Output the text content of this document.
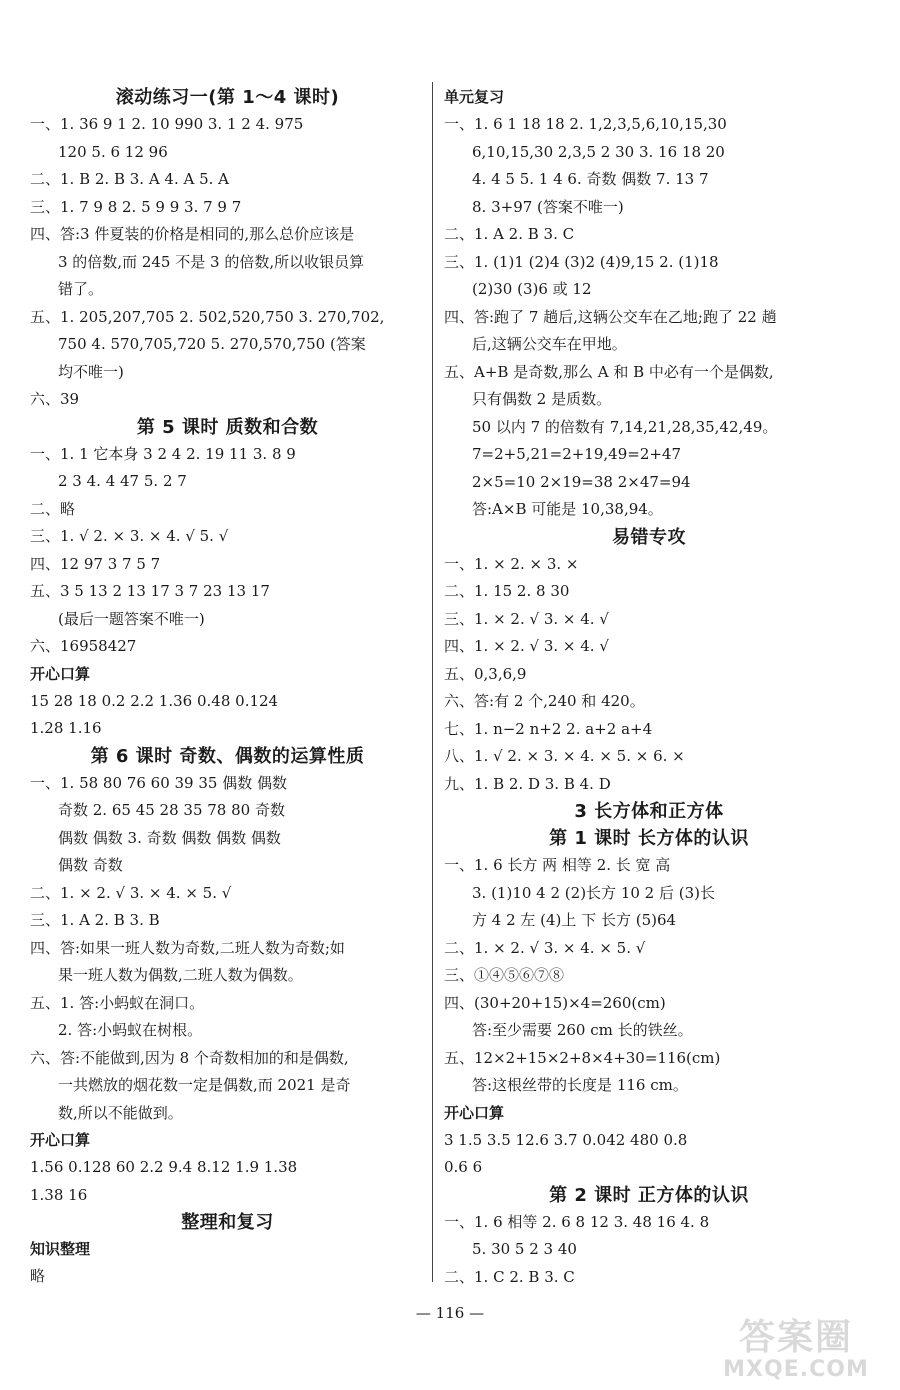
滚动练习一(第 1～4 课时)
一、1. 36 9 1 2. 10 990 3. 1 2 4. 975
120 5. 6 12 96
二、1. B 2. B 3. A 4. A 5. A
三、1. 7 9 8 2. 5 9 9 3. 7 9 7
四、答:3 件夏装的价格是相同的,那么总价应该是
3 的倍数,而 245 不是 3 的倍数,所以收银员算
错了。
五、1. 205,207,705 2. 502,520,750 3. 270,702,
750 4. 570,705,720 5. 270,570,750 (答案
均不唯一)
六、39
第 5 课时 质数和合数
一、1. 1 它本身 3 2 4 2. 19 11 3. 8 9
2 3 4. 4 47 5. 2 7
二、略
三、1. √ 2. × 3. × 4. √ 5. √
四、12 97 3 7 5 7
五、3 5 13 2 13 17 3 7 23 13 17
(最后一题答案不唯一)
六、16958427
开心口算
15 28 18 0.2 2.2 1.36 0.48 0.124
1.28 1.16
第 6 课时 奇数、偶数的运算性质
一、1. 58 80 76 60 39 35 偶数 偶数
奇数 2. 65 45 28 35 78 80 奇数
偶数 偶数 3. 奇数 偶数 偶数 偶数
偶数 奇数
二、1. × 2. √ 3. × 4. × 5. √
三、1. A 2. B 3. B
四、答:如果一班人数为奇数,二班人数为奇数;如
果一班人数为偶数,二班人数为偶数。
五、1. 答:小蚂蚁在洞口。
2. 答:小蚂蚁在树根。
六、答:不能做到,因为 8 个奇数相加的和是偶数,
一共燃放的烟花数一定是偶数,而 2021 是奇
数,所以不能做到。
开心口算
1.56 0.128 60 2.2 9.4 8.12 1.9 1.38
1.38 16
整理和复习
知识整理
略
单元复习
一、1. 6 1 18 18 2. 1,2,3,5,6,10,15,30
6,10,15,30 2,3,5 2 30 3. 16 18 20
4. 4 5 5. 1 4 6. 奇数 偶数 7. 13 7
8. 3+97 (答案不唯一)
二、1. A 2. B 3. C
三、1. (1)1 (2)4 (3)2 (4)9,15 2. (1)18
(2)30 (3)6 或 12
四、答:跑了 7 趟后,这辆公交车在乙地;跑了 22 趟
后,这辆公交车在甲地。
五、A+B 是奇数,那么 A 和 B 中必有一个是偶数,
只有偶数 2 是质数。
50 以内 7 的倍数有 7,14,21,28,35,42,49。
7=2+5,21=2+19,49=2+47
2×5=10 2×19=38 2×47=94
答:A×B 可能是 10,38,94。
易错专攻
一、1. × 2. × 3. ×
二、1. 15 2. 8 30
三、1. × 2. √ 3. × 4. √
四、1. × 2. √ 3. × 4. √
五、0,3,6,9
六、答:有 2 个,240 和 420。
七、1. n−2 n+2 2. a+2 a+4
八、1. √ 2. × 3. × 4. × 5. × 6. ×
九、1. B 2. D 3. B 4. D
3 长方体和正方体
第 1 课时 长方体的认识
一、1. 6 长方 两 相等 2. 长 宽 高
3. (1)10 4 2 (2)长方 10 2 后 (3)长
方 4 2 左 (4)上 下 长方 (5)64
二、1. × 2. √ 3. × 4. × 5. √
三、①④⑤⑥⑦⑧
四、(30+20+15)×4=260(cm)
答:至少需要 260 cm 长的铁丝。
五、12×2+15×2+8×4+30=116(cm)
答:这根丝带的长度是 116 cm。
开心口算
3 1.5 3.5 12.6 3.7 0.042 480 0.8
0.6 6
第 2 课时 正方体的认识
一、1. 6 相等 2. 6 8 12 3. 48 16 4. 8
5. 30 5 2 3 40
二、1. C 2. B 3. C
— 116 —
答案圈
MXQE.COM
